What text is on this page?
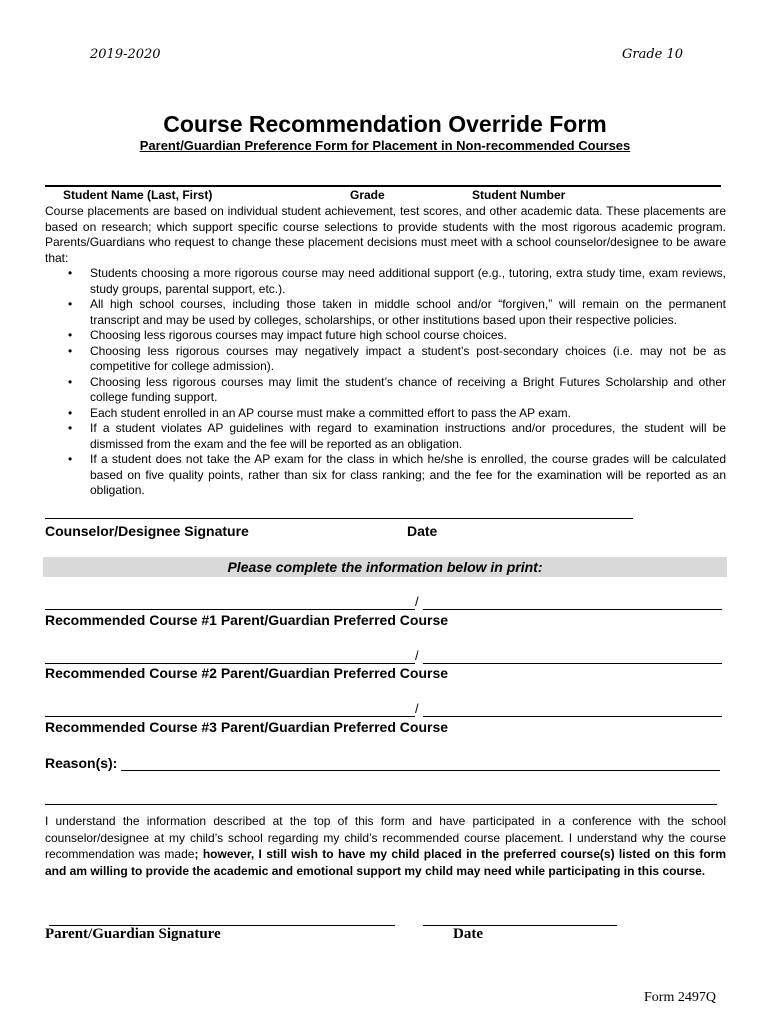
2019-2020	Grade 10
Course Recommendation Override Form
Parent/Guardian Preference Form for Placement in Non-recommended Courses
Student Name (Last, First)	Grade	Student Number
Course placements are based on individual student achievement, test scores, and other academic data. These placements are based on research; which support specific course selections to provide students with the most rigorous academic program. Parents/Guardians who request to change these placement decisions must meet with a school counselor/designee to be aware that:
• Students choosing a more rigorous course may need additional support (e.g., tutoring, extra study time, exam reviews, study groups, parental support, etc.).
• All high school courses, including those taken in middle school and/or “forgiven,” will remain on the permanent transcript and may be used by colleges, scholarships, or other institutions based upon their respective policies.
• Choosing less rigorous courses may impact future high school course choices.
• Choosing less rigorous courses may negatively impact a student’s post-secondary choices (i.e. may not be as competitive for college admission).
• Choosing less rigorous courses may limit the student’s chance of receiving a Bright Futures Scholarship and other college funding support.
• Each student enrolled in an AP course must make a committed effort to pass the AP exam.
• If a student violates AP guidelines with regard to examination instructions and/or procedures, the student will be dismissed from the exam and the fee will be reported as an obligation.
• If a student does not take the AP exam for the class in which he/she is enrolled, the course grades will be calculated based on five quality points, rather than six for class ranking; and the fee for the examination will be reported as an obligation.
Counselor/Designee Signature	Date
Please complete the information below in print:
/
Recommended Course #1 Parent/Guardian Preferred Course
/
Recommended Course #2 Parent/Guardian Preferred Course
/
Recommended Course #3 Parent/Guardian Preferred Course
Reason(s):
I understand the information described at the top of this form and have participated in a conference with the school counselor/designee at my child’s school regarding my child’s recommended course placement. I understand why the course recommendation was made; however, I still wish to have my child placed in the preferred course(s) listed on this form and am willing to provide the academic and emotional support my child may need while participating in this course.
Parent/Guardian Signature	Date
Form 2497Q
